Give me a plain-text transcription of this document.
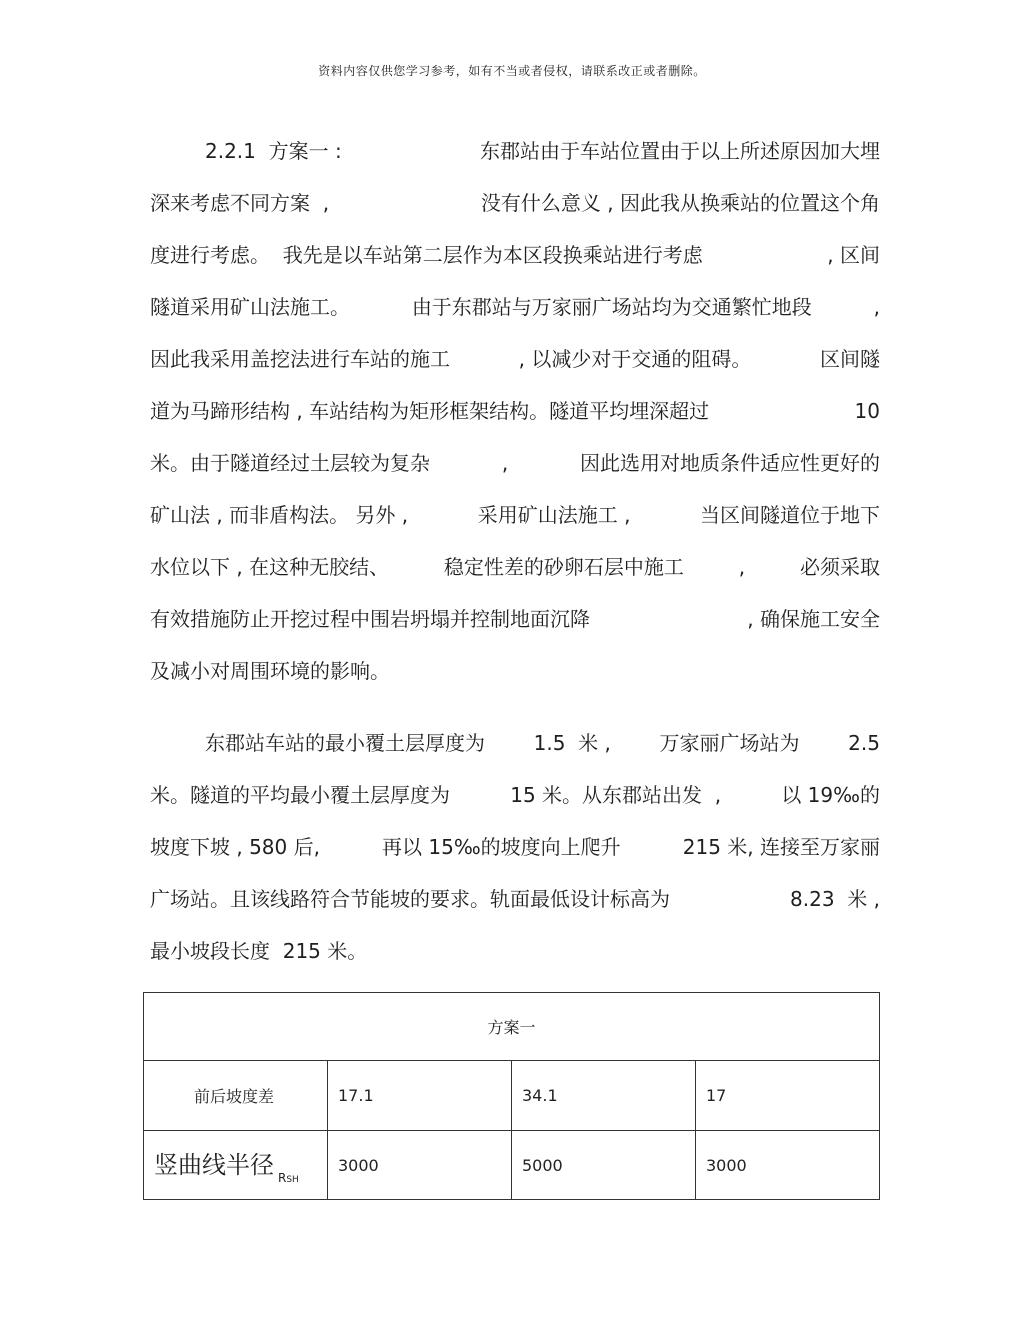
资料内容仅供您学习参考，如有不当或者侵权，请联系改正或者删除。
2.2.1  方案一 :	东郡站由于车站位置由于以上所述原因加大埋
深来考虑不同方案  ,	没有什么意义 , 因此我从换乘站的位置这个角
度进行考虑。  我先是以车站第二层作为本区段换乘站进行考虑	, 区间
隧道采用矿山法施工。	由于东郡站与万家丽广场站均为交通繁忙地段	,
因此我采用盖挖法进行车站的施工	, 以减少对于交通的阻碍。	区间隧
道为马蹄形结构 , 车站结构为矩形框架结构。隧道平均埋深超过	10
米。由于隧道经过土层较为复杂	,	因此选用对地质条件适应性更好的
矿山法 , 而非盾构法。 另外 ,	采用矿山法施工 ,	当区间隧道位于地下
水位以下 , 在这种无胶结、	稳定性差的砂卵石层中施工	,	必须采取
有效措施防止开挖过程中围岩坍塌并控制地面沉降	, 确保施工安全
及减小对周围环境的影响。
东郡站车站的最小覆土层厚度为 1.5  米 , 万家丽广场站为 2.5
米。隧道的平均最小覆土层厚度为	15 米。从东郡站出发  ,	以 19‰的
坡度下坡 , 580 后,	再以 15‰的坡度向上爬升	215 米, 连接至万家丽
广场站。且该线路符合节能坡的要求。轨面最低设计标高为	8.23  米 ,
最小坡段长度  215 米。
方案一			
前后坡度差	17.1	34.1	17
竖曲线半径 $_{RSH}$	3000	5000	3000
